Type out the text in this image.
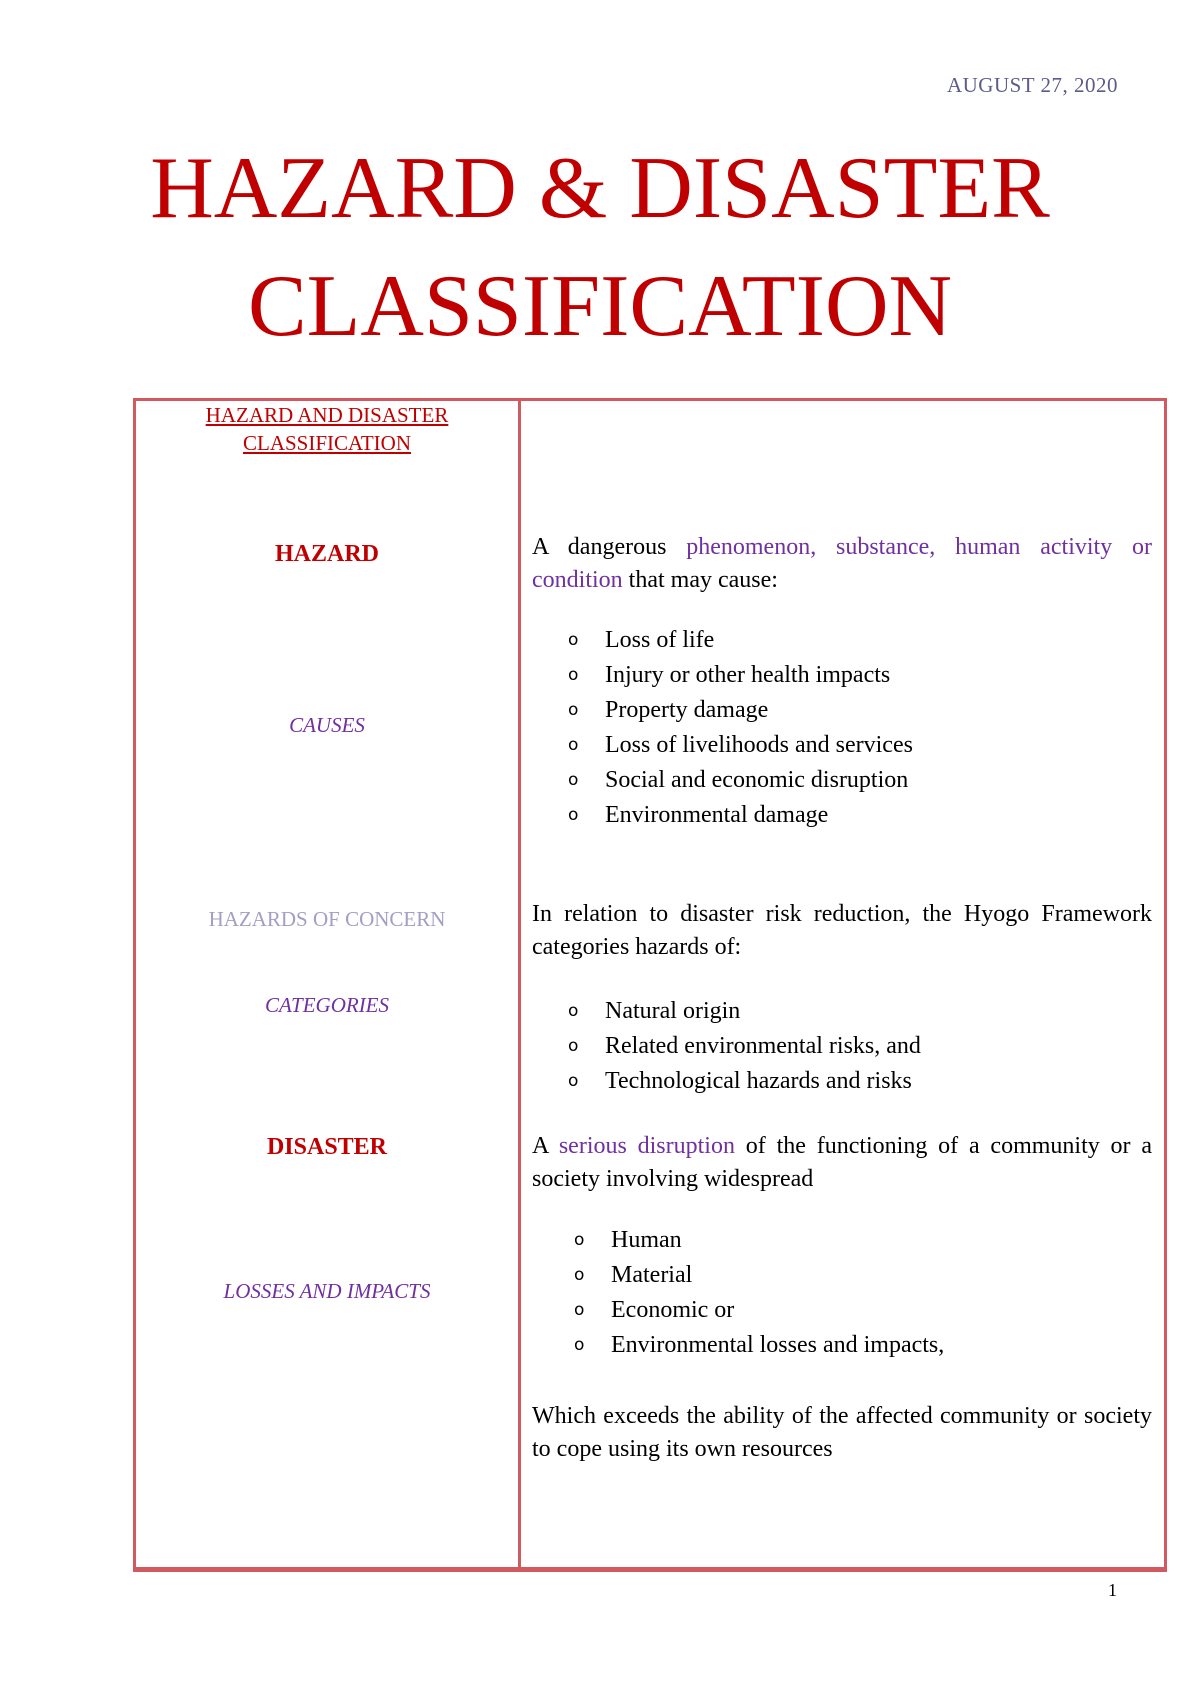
AUGUST 27, 2020
HAZARD & DISASTER
CLASSIFICATION
HAZARD AND DISASTER
CLASSIFICATION
HAZARD
CAUSES
HAZARDS OF CONCERN
CATEGORIES
DISASTER
LOSSES AND IMPACTS
A dangerous phenomenon, substance, human activity or condition that may cause:
o Loss of life
o Injury or other health impacts
o Property damage
o Loss of livelihoods and services
o Social and economic disruption
o Environmental damage
In relation to disaster risk reduction, the Hyogo Framework categories hazards of:
o Natural origin
o Related environmental risks, and
o Technological hazards and risks
A serious disruption of the functioning of a community or a society involving widespread
o Human
o Material
o Economic or
o Environmental losses and impacts,
Which exceeds the ability of the affected community or society to cope using its own resources
1
